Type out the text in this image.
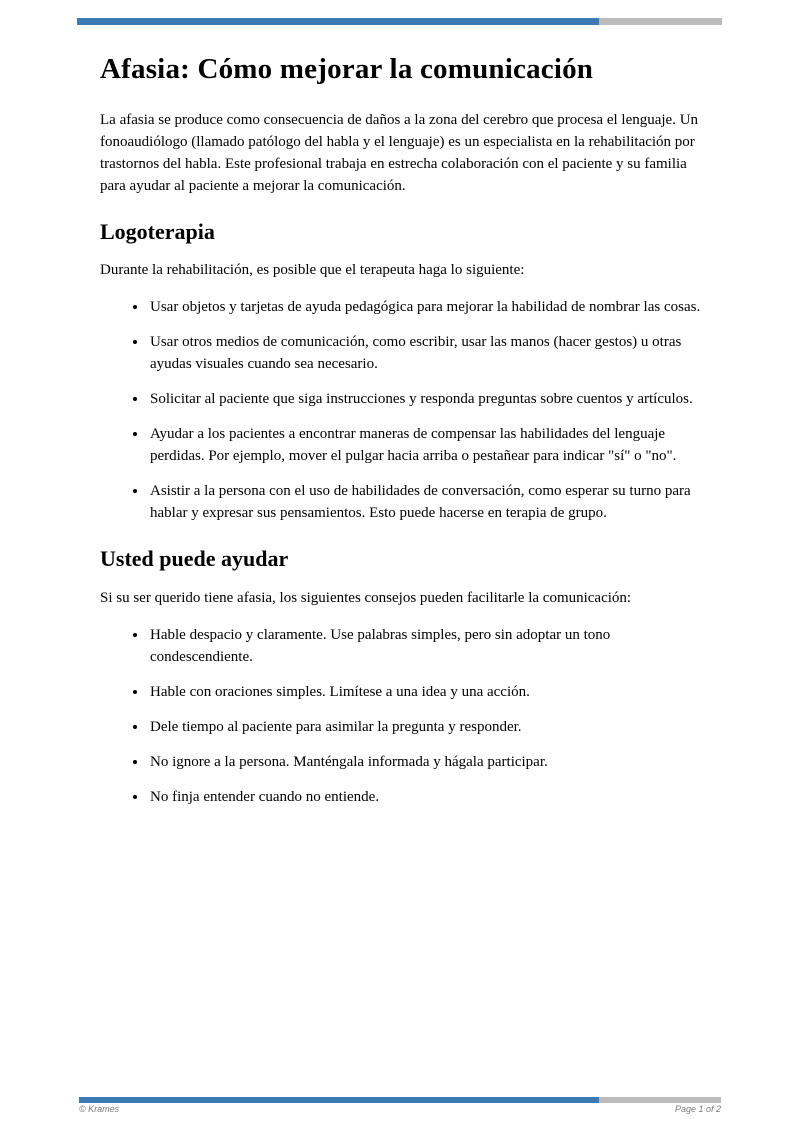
Afasia: Cómo mejorar la comunicación

La afasia se produce como consecuencia de daños a la zona del cerebro que procesa el lenguaje. Un fonoaudiólogo (llamado patólogo del habla y el lenguaje) es un especialista en la rehabilitación por trastornos del habla. Este profesional trabaja en estrecha colaboración con el paciente y su familia para ayudar al paciente a mejorar la comunicación.

Logoterapia

Durante la rehabilitación, es posible que el terapeuta haga lo siguiente:

• Usar objetos y tarjetas de ayuda pedagógica para mejorar la habilidad de nombrar las cosas.
• Usar otros medios de comunicación, como escribir, usar las manos (hacer gestos) u otras ayudas visuales cuando sea necesario.
• Solicitar al paciente que siga instrucciones y responda preguntas sobre cuentos y artículos.
• Ayudar a los pacientes a encontrar maneras de compensar las habilidades del lenguaje perdidas. Por ejemplo, mover el pulgar hacia arriba o pestañear para indicar "sí" o "no".
• Asistir a la persona con el uso de habilidades de conversación, como esperar su turno para hablar y expresar sus pensamientos. Esto puede hacerse en terapia de grupo.
Usted puede ayudar

Si su ser querido tiene afasia, los siguientes consejos pueden facilitarle la comunicación:

• Hable despacio y claramente. Use palabras simples, pero sin adoptar un tono condescendiente.
• Hable con oraciones simples. Limítese a una idea y una acción.
• Dele tiempo al paciente para asimilar la pregunta y responder.
• No ignore a la persona. Manténgala informada y hágala participar.
• No finja entender cuando no entiende.
© Krames	Page 1 of 2
